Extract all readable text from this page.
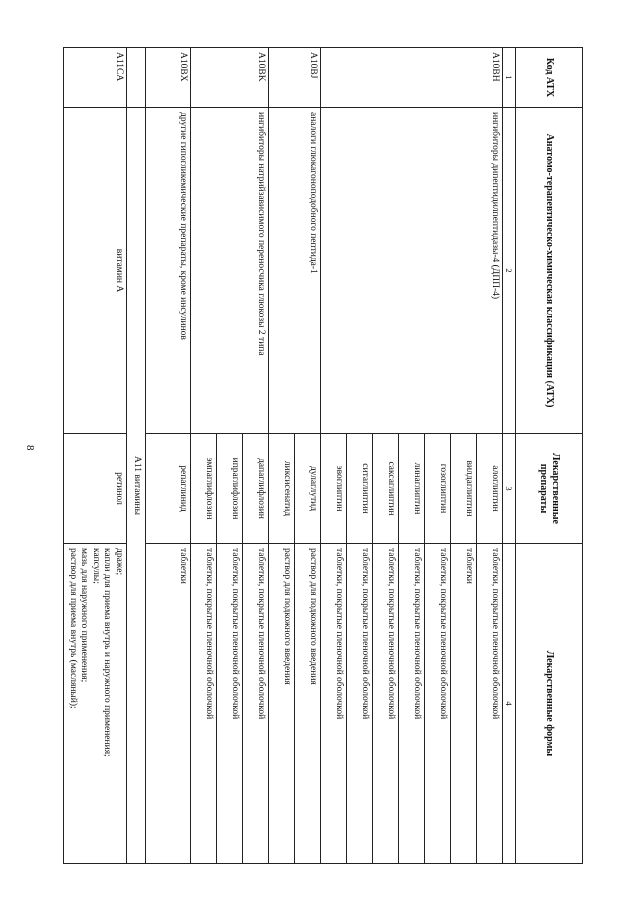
8
Код АТХ	Анатомо-терапевтическо-химическая классификация (АТХ)	Лекарственные препараты	Лекарственные формы
1	2	3	4
A10BH	ингибиторы дипептидилпептидазы-4 (ДПП-4)	алоглиптин	таблетки, покрытые пленочной оболочкой
		вилдаглиптин	таблетки
		гозоглиптин	таблетки, покрытые пленочной оболочкой
		линаглиптин	таблетки, покрытые пленочной оболочкой
		саксаглиптин	таблетки, покрытые пленочной оболочкой
		ситаглиптин	таблетки, покрытые пленочной оболочкой
		эвоглиптин	таблетки, покрытые пленочной оболочкой
A10BJ	аналоги глюкагоноподобного пептида-1	дулаглутид	раствор для подкожного введения
		ликсисенатид	раствор для подкожного введения
A10BK	ингибиторы натрийзависимого переносчика глюкозы 2 типа	дапаглифлозин	таблетки, покрытые пленочной оболочкой
		ипраглифлозин	таблетки, покрытые пленочной оболочкой
		эмпаглифлозин	таблетки, покрытые пленочной оболочкой
A10BX	другие гипогликемические препараты, кроме инсулинов	репаглинид	таблетки
	А11 витамины		
A11CA	витамин А	ретинол	драже;
капли для приема внутрь и наружного применения;
капсулы;
мазь для наружного применения;
раствор для приема внутрь (масляный);
